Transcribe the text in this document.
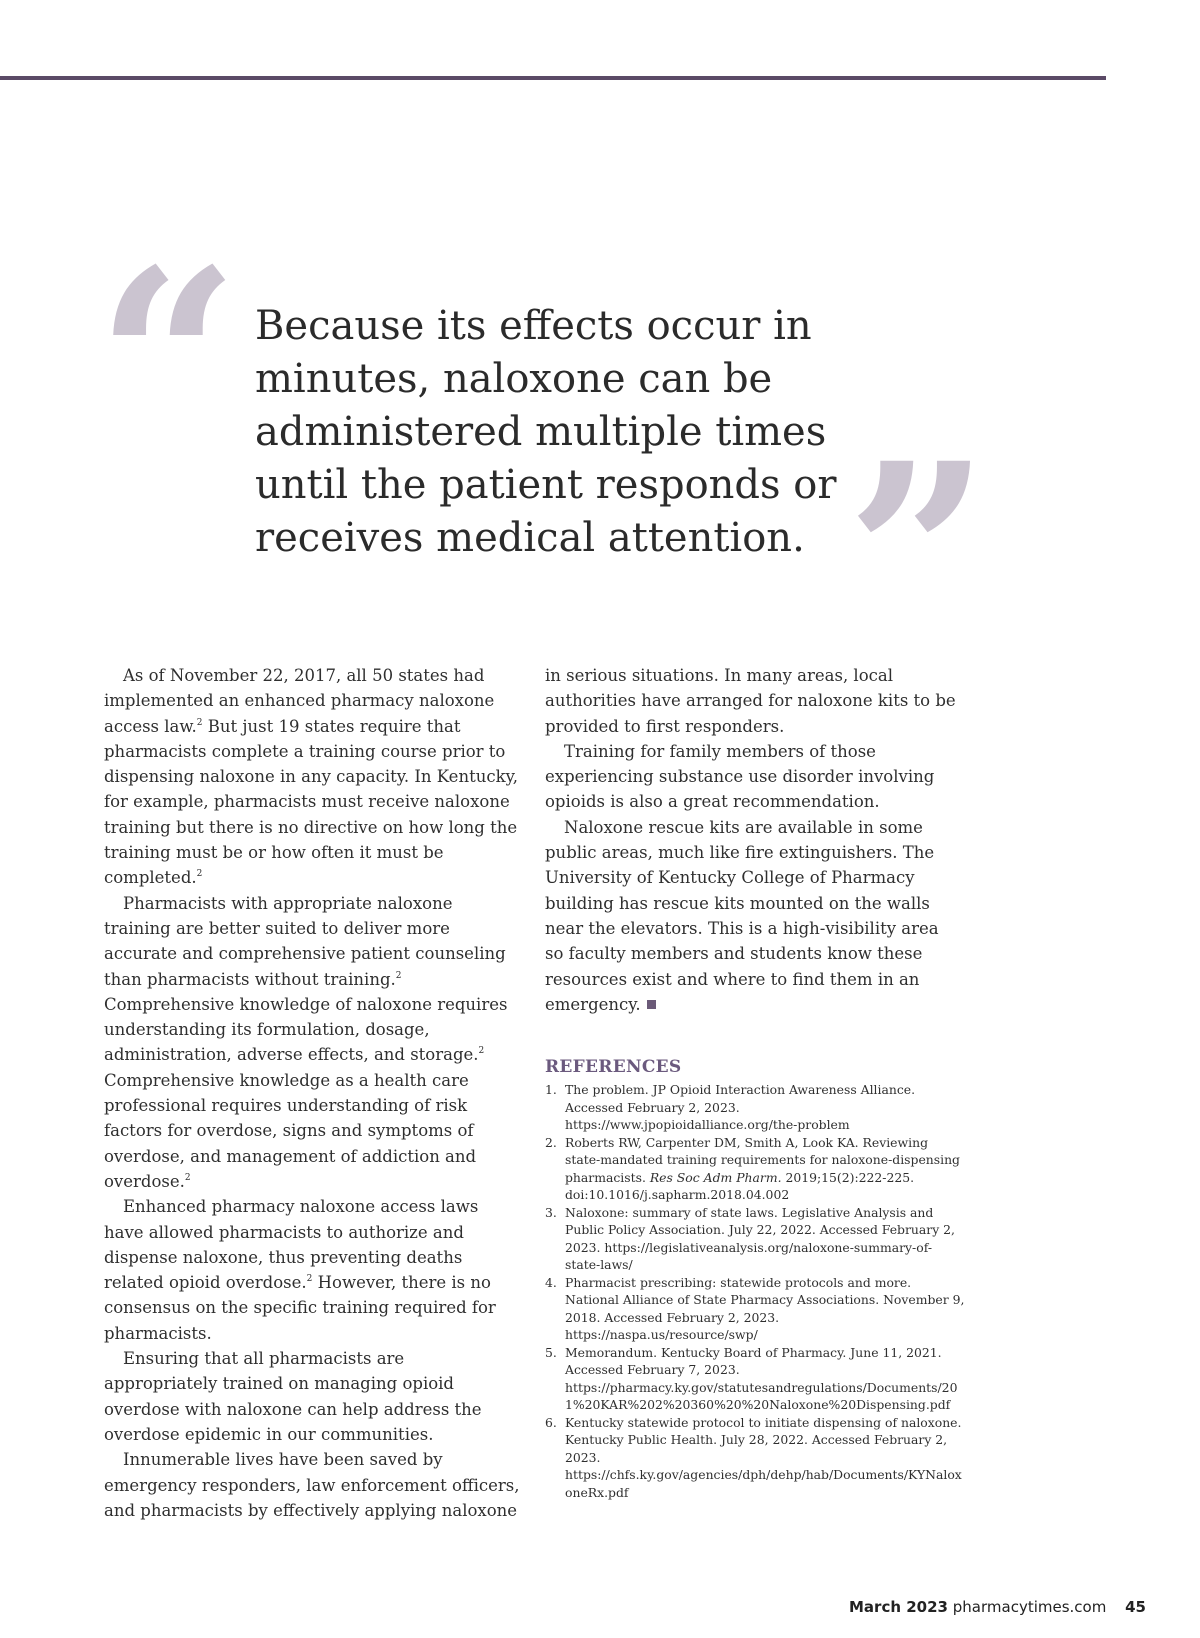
“ Because its effects occur in minutes, naloxone can be administered multiple times until the patient responds or receives medical attention. ”

As of November 22, 2017, all 50 states had implemented an enhanced pharmacy naloxone access law.$^2$ But just 19 states require that pharmacists complete a training course prior to dispensing naloxone in any capacity. In Kentucky, for example, pharmacists must receive naloxone training but there is no directive on how long the training must be or how often it must be completed.$^2$

Pharmacists with appropriate naloxone training are better suited to deliver more accurate and comprehensive patient counseling than pharmacists without training.$^2$ Comprehensive knowledge of naloxone requires understanding its formulation, dosage, administration, adverse effects, and storage.$^2$ Comprehensive knowledge as a health care professional requires understanding of risk factors for overdose, signs and symptoms of overdose, and management of addiction and overdose.$^2$

Enhanced pharmacy naloxone access laws have allowed pharmacists to authorize and dispense naloxone, thus preventing deaths related opioid overdose.$^2$ However, there is no consensus on the specific training required for pharmacists.

Ensuring that all pharmacists are appropriately trained on managing opioid overdose with naloxone can help address the overdose epidemic in our communities.

Innumerable lives have been saved by emergency responders, law enforcement officers, and pharmacists by effectively applying naloxone

in serious situations. In many areas, local authorities have arranged for naloxone kits to be provided to first responders.

Training for family members of those experiencing substance use disorder involving opioids is also a great recommendation.

Naloxone rescue kits are available in some public areas, much like fire extinguishers. The University of Kentucky College of Pharmacy building has rescue kits mounted on the walls near the elevators. This is a high-visibility area so faculty members and students know these resources exist and where to find them in an emergency.

REFERENCES
1. The problem. JP Opioid Interaction Awareness Alliance. Accessed February 2, 2023. https://www.jpopioidalliance.org/the-problem
2. Roberts RW, Carpenter DM, Smith A, Look KA. Reviewing state-mandated training requirements for naloxone-dispensing pharmacists. Res Soc Adm Pharm. 2019;15(2):222-225. doi:10.1016/j.sapharm.2018.04.002
3. Naloxone: summary of state laws. Legislative Analysis and Public Policy Association. July 22, 2022. Accessed February 2, 2023. https://legislativeanalysis.org/naloxone-summary-of-state-laws/
4. Pharmacist prescribing: statewide protocols and more. National Alliance of State Pharmacy Associations. November 9, 2018. Accessed February 2, 2023. https://naspa.us/resource/swp/
5. Memorandum. Kentucky Board of Pharmacy. June 11, 2021. Accessed February 7, 2023. https://pharmacy.ky.gov/statutesandregulations/Documents/201%20KAR%202%20360%20%20Naloxone%20Dispensing.pdf
6. Kentucky statewide protocol to initiate dispensing of naloxone. Kentucky Public Health. July 28, 2022. Accessed February 2, 2023. https://chfs.ky.gov/agencies/dph/dehp/hab/Documents/KYNaloxoneRx.pdf
March 2023 pharmacytimes.com 45
